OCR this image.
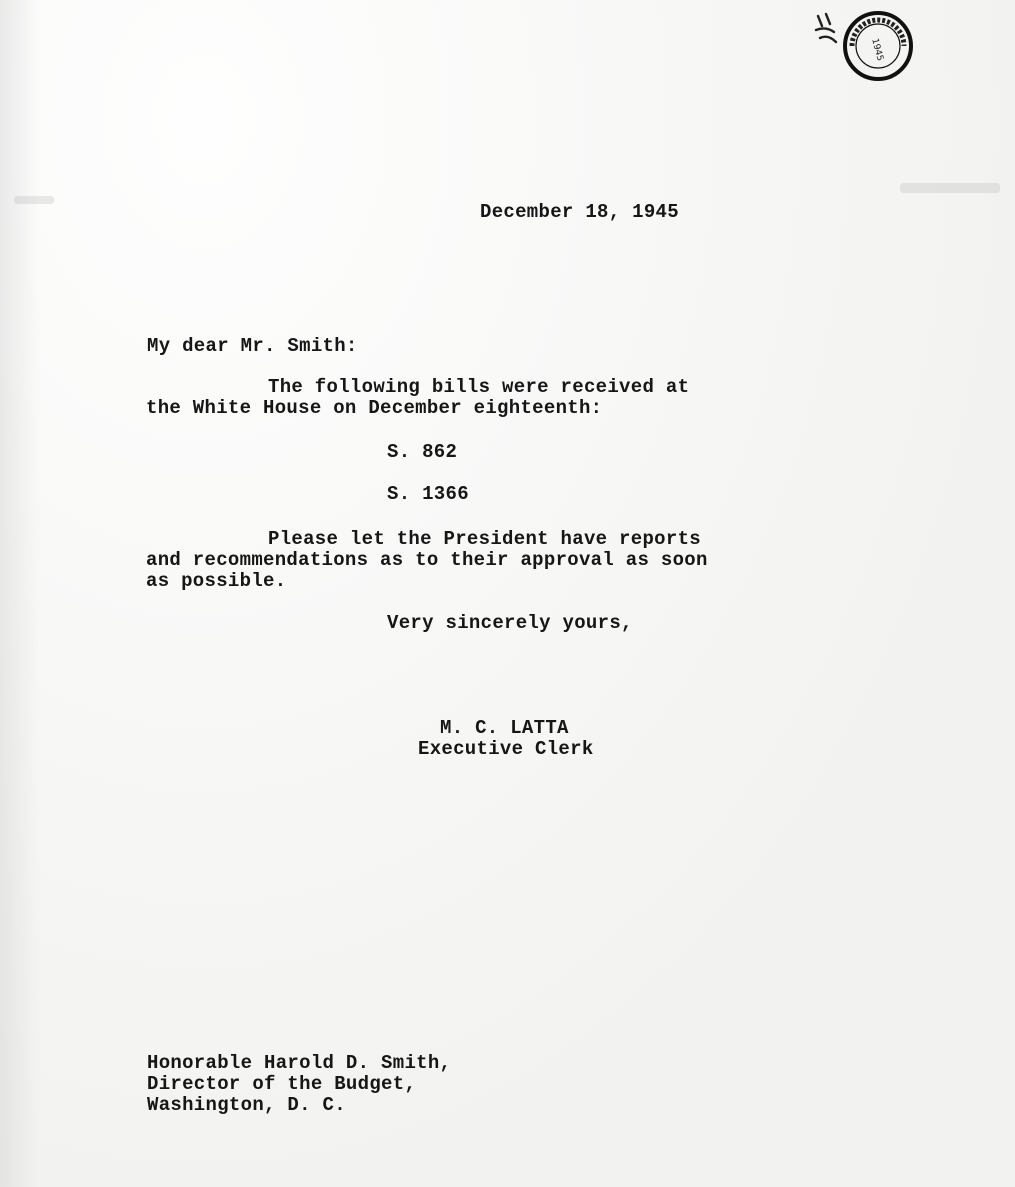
1945
December 18, 1945
My dear Mr. Smith:
The following bills were received at
the White House on December eighteenth:
S. 862
S. 1366
Please let the President have reports
and recommendations as to their approval as soon
as possible.
Very sincerely yours,
M. C. LATTA
Executive Clerk
Honorable Harold D. Smith,
Director of the Budget,
Washington, D. C.
